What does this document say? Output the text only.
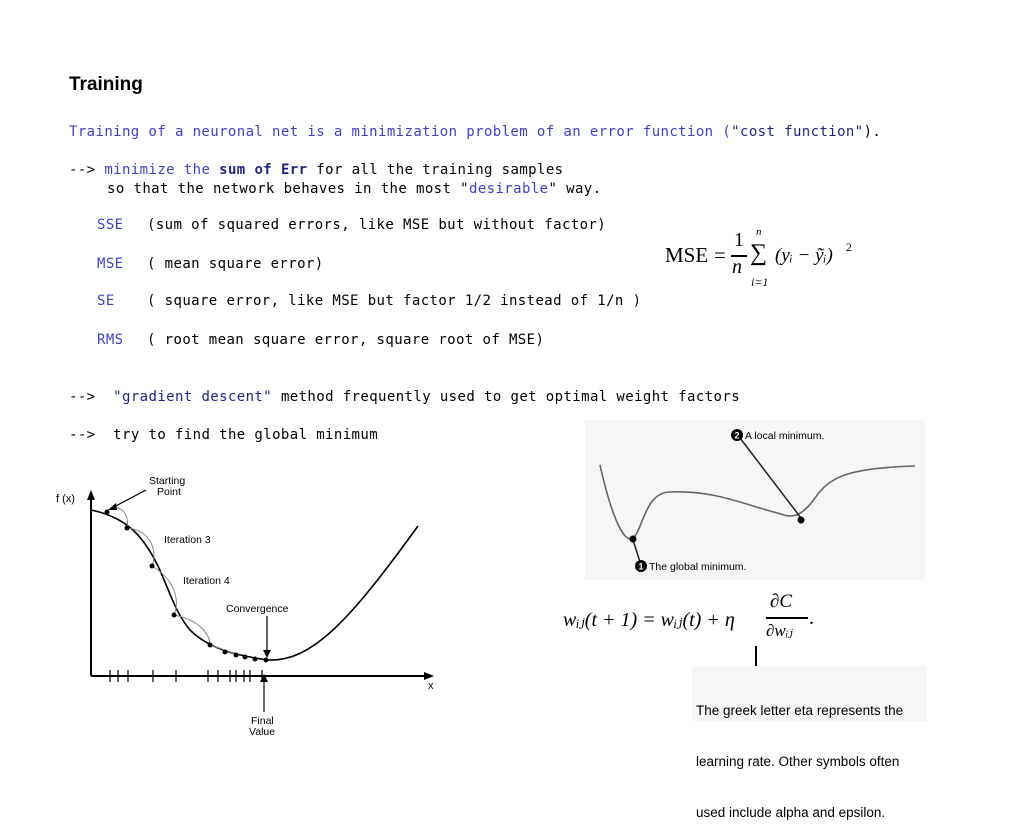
Training
Training of a neuronal net is a minimization problem of an error function ("cost function").
--> minimize the sum of Err for all the training samples
so that the network behaves in the most "desirable" way.
SSE (sum of squared errors, like MSE but without factor)
MSE ( mean square error)
SE ( square error, like MSE but factor 1/2 instead of 1/n )
RMS ( root mean square error, square root of MSE)
--> "gradient descent" method frequently used to get optimal weight factors
--> try to find the global minimum

MSE

=

1

n

n

∑

i=1

(yᵢ − ỹᵢ)

2

f (x)
x
Starting
Point
Iteration 3
Iteration 4
Convergence
Final
Value
2 A local minimum.
1 The global minimum.

wᵢⱼ(t + 1) = wᵢⱼ(t) + η

∂C

∂wᵢⱼ

.

The greek letter eta represents the

learning rate. Other symbols often

used include alpha and epsilon.
